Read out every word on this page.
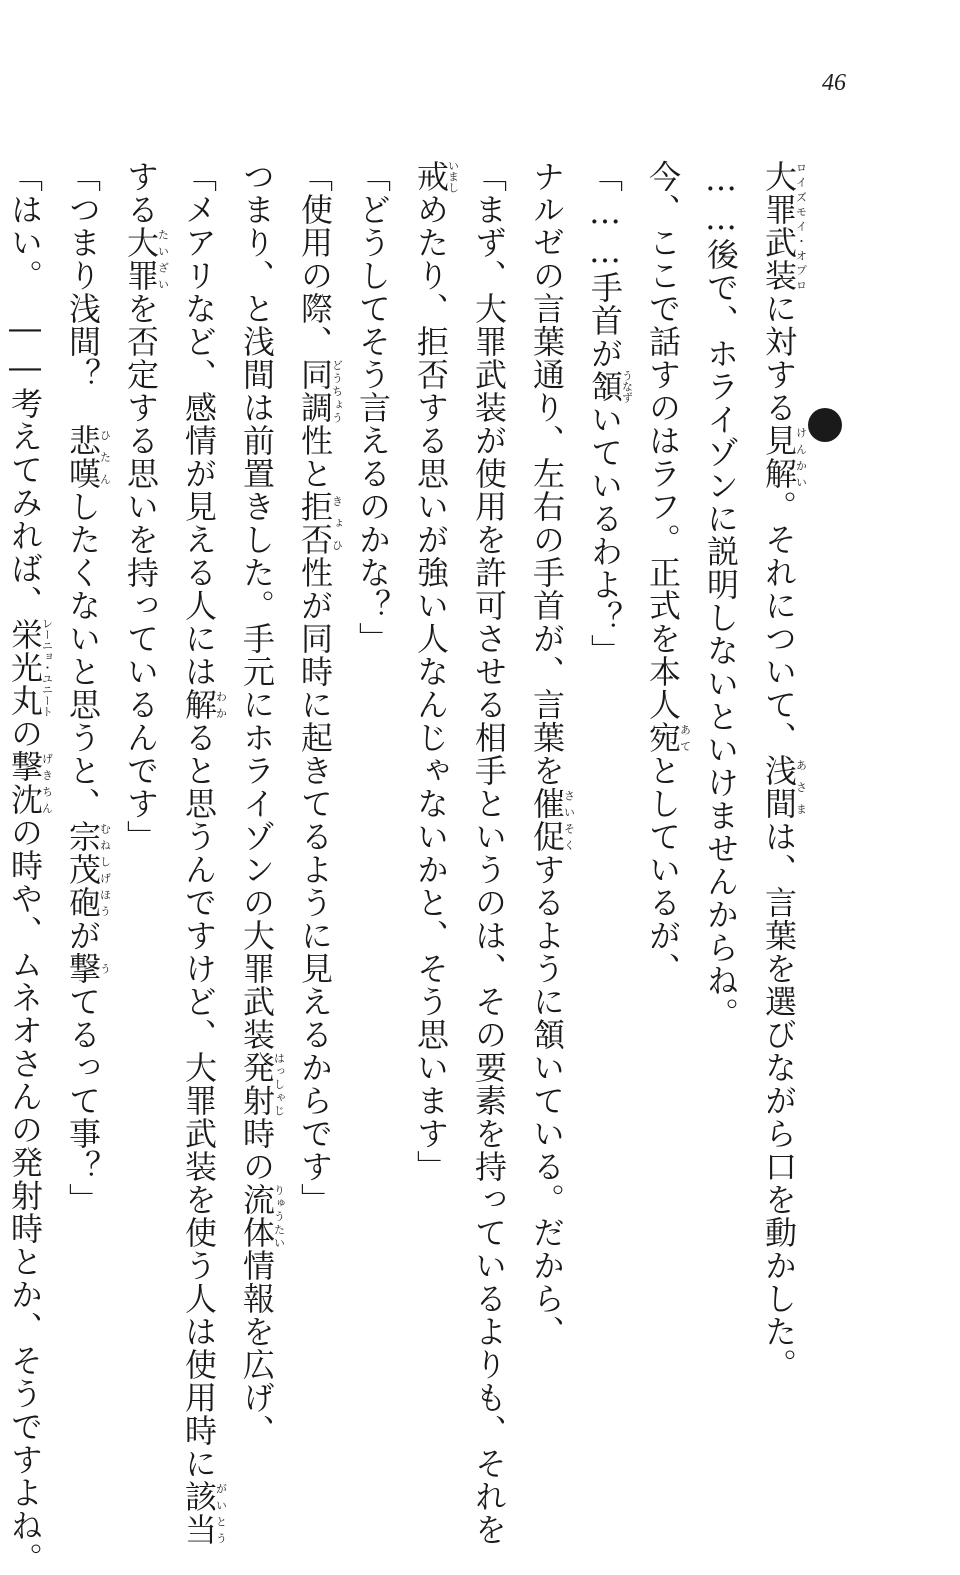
46
大罪武装ロイズモイ・オプロに対する見解けんかい。それについて、浅間あさまは、言葉を選びながら口を動かした。
……後で、ホライゾンに説明しないといけませんからね。
今、ここで話すのはラフ。正式を本人宛あてとしているが、
「……手首が頷うなずいているわよ？」
ナルゼの言葉通り、左右の手首が、言葉を催促さいそくするように頷いている。だから、
「まず、大罪武装が使用を許可させる相手というのは、その要素を持っているよりも、それを
戒いましめたり、拒否する思いが強い人なんじゃないかと、そう思います」
「どうしてそう言えるのかな？」
「使用の際、同調どうちょう性と拒否きょひ性が同時に起きてるように見えるからです」
つまり、と浅間は前置きした。手元にホライゾンの大罪武装発射はっしゃじ時の流体りゅうたい情報を広げ、
「メアリなど、感情が見える人には解わかると思うんですけど、大罪武装を使う人は使用時に該当がいとう
する大罪たいざいを否定する思いを持っているんです」
「つまり浅間？　悲嘆ひたんしたくないと思うと、宗茂砲むねしげほうが撃うてるって事？」
「はい。　――考えてみれば、栄光丸レーニョ・ユニートの撃沈げきちんの時や、ムネオさんの発射時とか、そうですよね。
